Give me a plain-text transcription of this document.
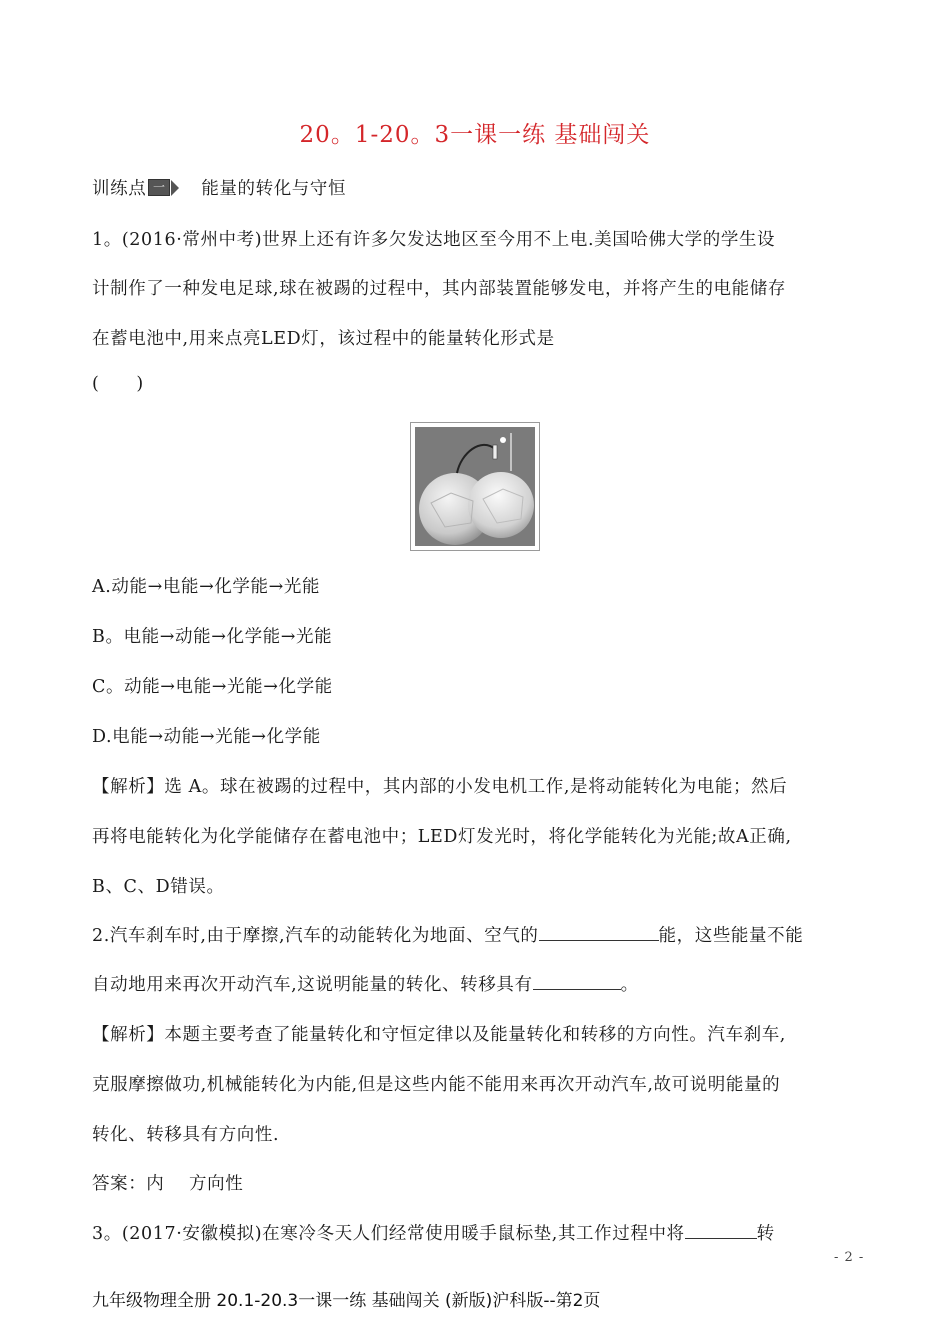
20。1-20。3一课一练 基础闯关
训练点 一 能量的转化与守恒
1。(2016·常州中考)世界上还有许多欠发达地区至今用不上电.美国哈佛大学的学生设
计制作了一种发电足球,球在被踢的过程中，其内部装置能够发电，并将产生的电能储存
在蓄电池中,用来点亮LED灯，该过程中的能量转化形式是
(      )
A.动能→电能→化学能→光能
B。电能→动能→化学能→光能
C。动能→电能→光能→化学能
D.电能→动能→光能→化学能
【解析】选 A。球在被踢的过程中，其内部的小发电机工作,是将动能转化为电能；然后
再将电能转化为化学能储存在蓄电池中；LED灯发光时，将化学能转化为光能;故A正确,
B、C、D错误。
2.汽车刹车时,由于摩擦,汽车的动能转化为地面、空气的	能，这些能量不能
自动地用来再次开动汽车,这说明能量的转化、转移具有	。
【解析】本题主要考查了能量转化和守恒定律以及能量转化和转移的方向性。汽车刹车,
克服摩擦做功,机械能转化为内能,但是这些内能不能用来再次开动汽车,故可说明能量的
转化、转移具有方向性.
答案：内    方向性
3。(2017·安徽模拟)在寒冷冬天人们经常使用暖手鼠标垫,其工作过程中将	转
- 2 -
九年级物理全册 20.1-20.3一课一练 基础闯关 (新版)沪科版--第2页
